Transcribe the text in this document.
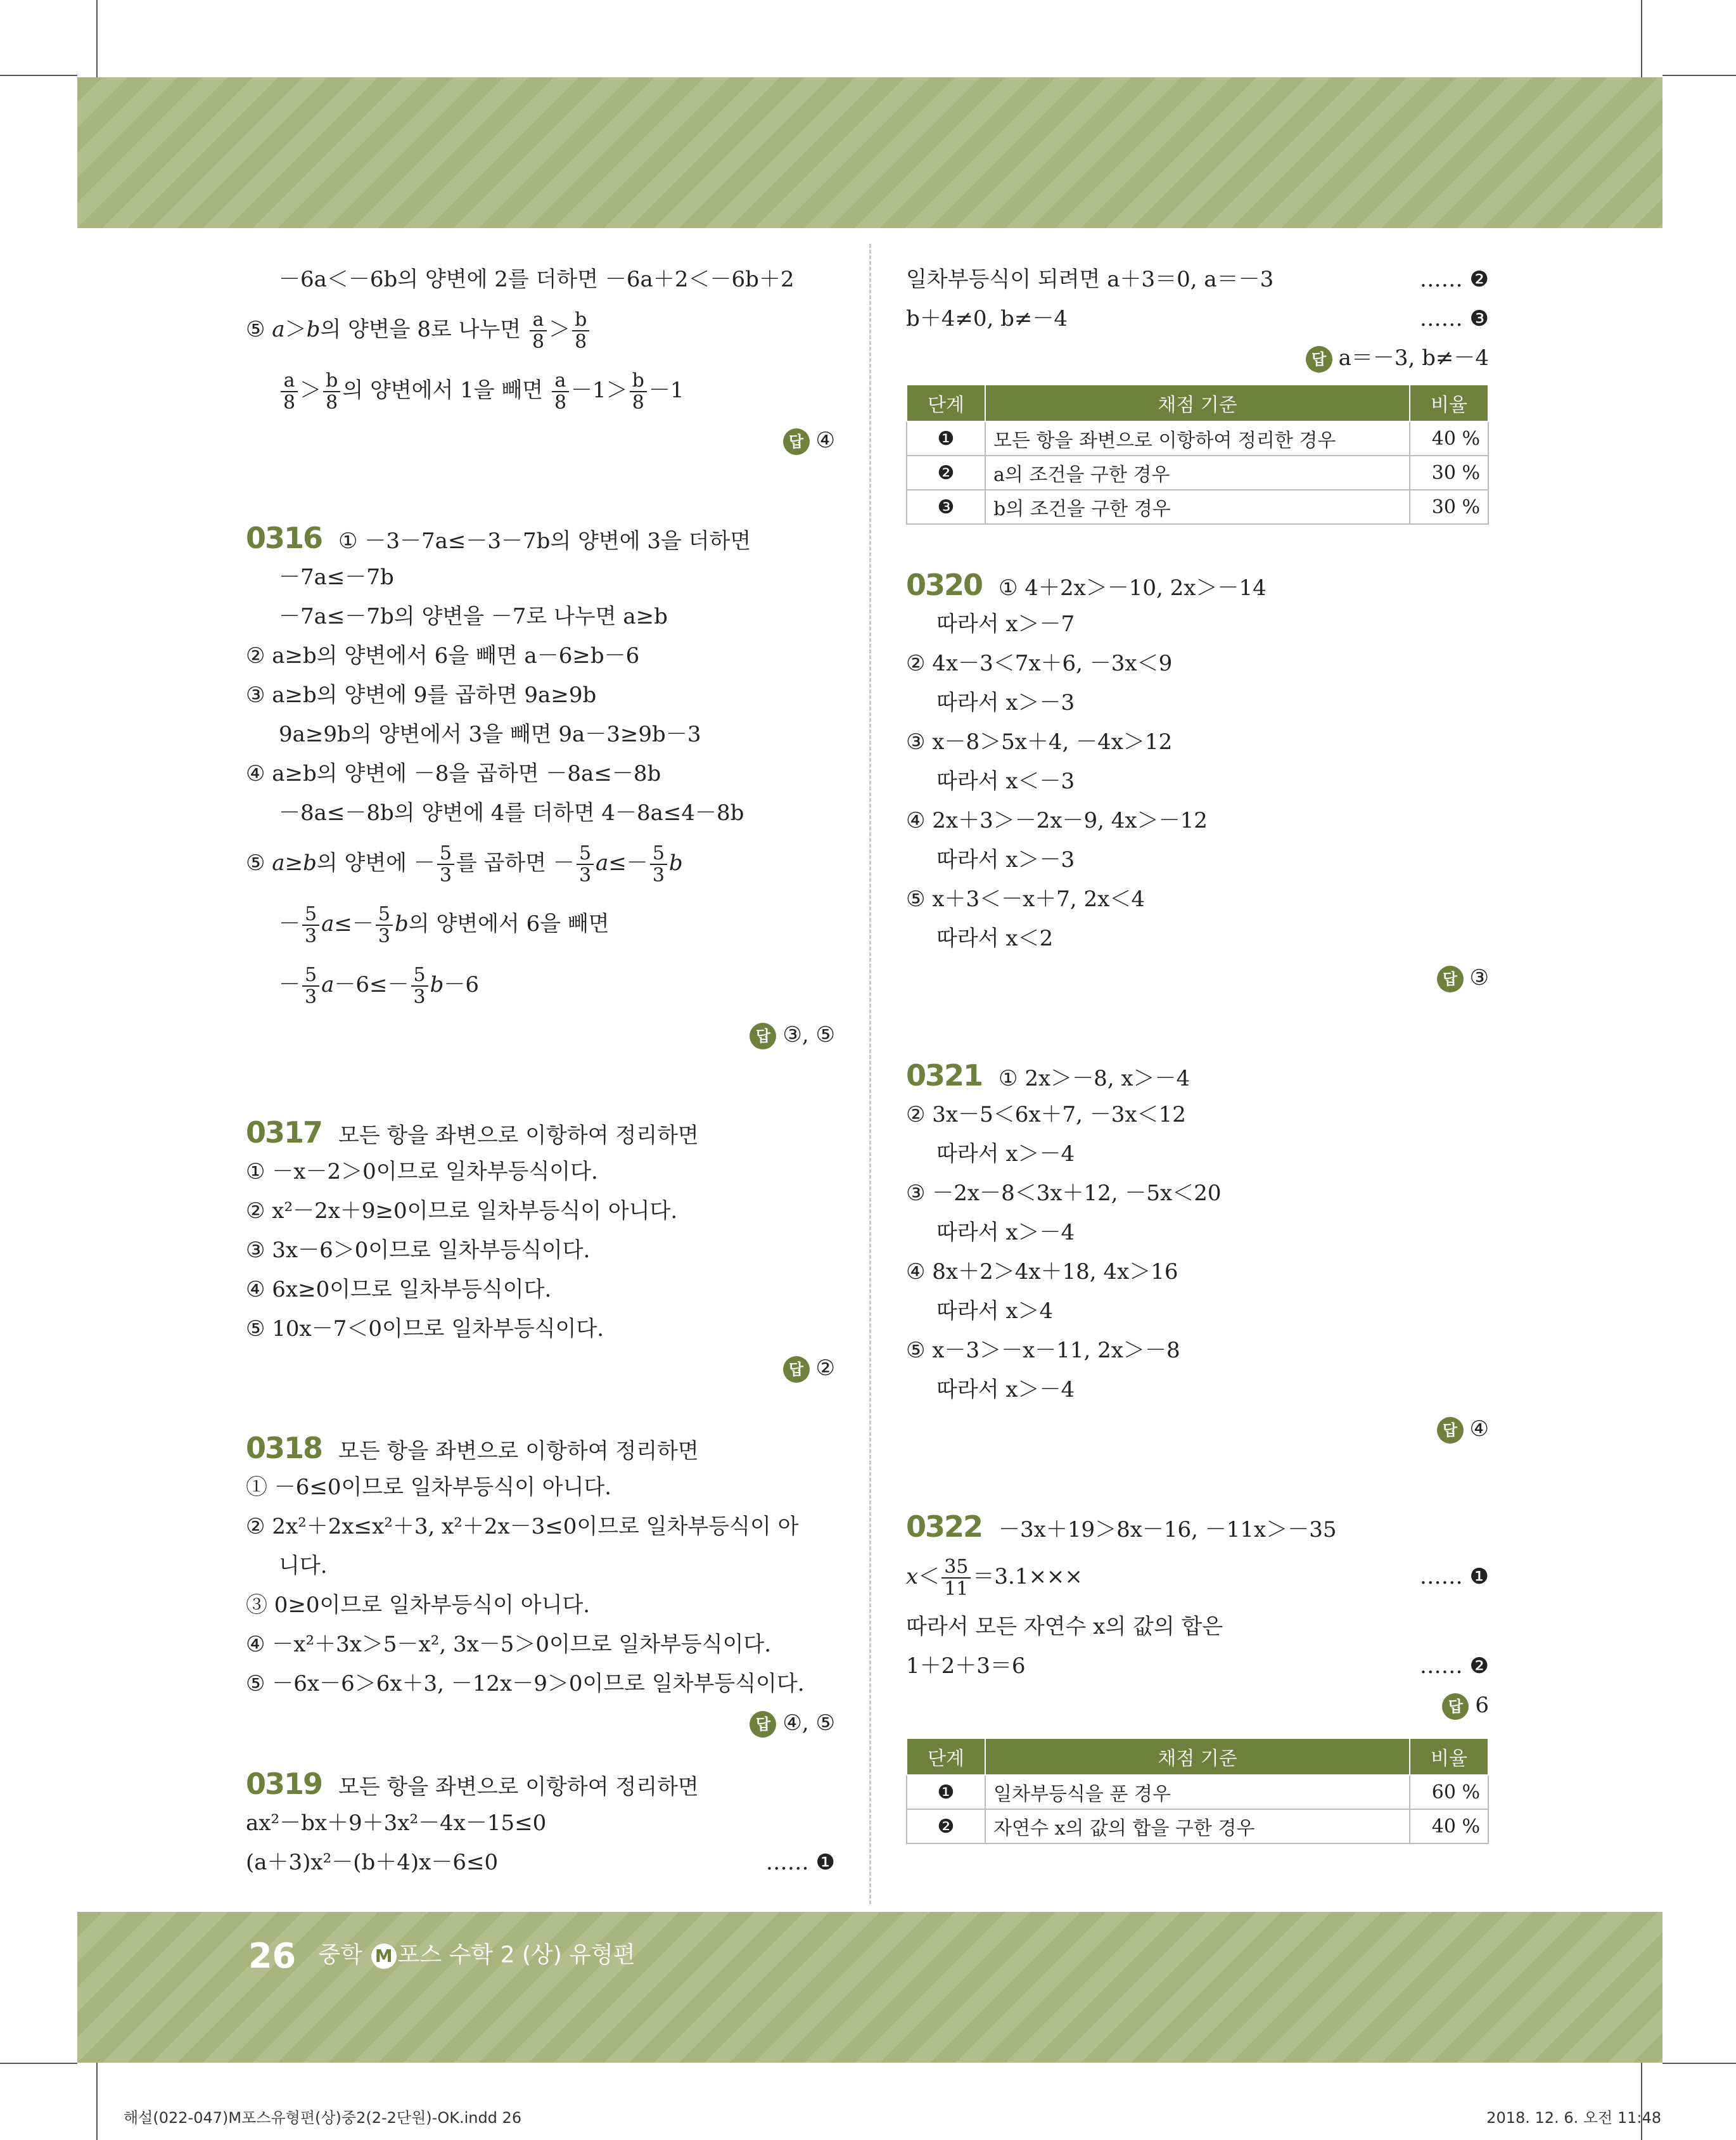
－6a＜－6b의 양변에 2를 더하면 －6a＋2＜－6b＋2
⑤ a＞b의 양변을 8로 나누면 $\frac{a}{8} > \frac{b}{8}$
$\frac{a}{8} > \frac{b}{8}$ 의 양변에서 1을 빼면 $\frac{a}{8} -1> \frac{b}{8} -1$
답 ④
0316 ① －3－7a≤－3－7b의 양변에 3을 더하면
－7a≤－7b
－7a≤－7b의 양변을 －7로 나누면 a≥b
② a≥b의 양변에서 6을 빼면 a－6≥b－6
③ a≥b의 양변에 9를 곱하면 9a≥9b
9a≥9b의 양변에서 3을 빼면 9a－3≥9b－3
④ a≥b의 양변에 －8을 곱하면 －8a≤－8b
－8a≤－8b의 양변에 4를 더하면 4－8a≤4－8b
⑤ a≥b의 양변에 － $\frac{5}{3}$ 를 곱하면 － $\frac{5}{3} a\le- \frac{5}{3}$ b
－ $\frac{5}{3} a\le- \frac{5}{3}$ b의 양변에서 6을 빼면
－ $\frac{5}{3} a-6\le- \frac{5}{3} b-6$
답 ③, ⑤
0317 모든 항을 좌변으로 이항하여 정리하면
① －x－2＞0이므로 일차부등식이다.
② x²－2x＋9≥0이므로 일차부등식이 아니다.
③ 3x－6＞0이므로 일차부등식이다.
④ 6x≥0이므로 일차부등식이다.
⑤ 10x－7＜0이므로 일차부등식이다.
답 ②
0318 모든 항을 좌변으로 이항하여 정리하면
① －6≤0이므로 일차부등식이 아니다.
② 2x²＋2x≤x²＋3, x²＋2x－3≤0이므로 일차부등식이 아
니다.
③ 0≥0이므로 일차부등식이 아니다.
④ －x²＋3x＞5－x², 3x－5＞0이므로 일차부등식이다.
⑤ －6x－6＞6x＋3, －12x－9＞0이므로 일차부등식이다.
답 ④, ⑤
0319 모든 항을 좌변으로 이항하여 정리하면
ax²－bx＋9＋3x²－4x－15≤0
(a＋3)x²－(b＋4)x－6≤0	…… ❶
일차부등식이 되려면 a＋3＝0, a＝－3	…… ❷
b＋4≠0, b≠－4	…… ❸
답 a＝－3, b≠－4
단계	채점 기준	비율
❶	모든 항을 좌변으로 이항하여 정리한 경우	40 %
❷	a의 조건을 구한 경우	30 %
❸	b의 조건을 구한 경우	30 %
0320 ① 4＋2x＞－10, 2x＞－14
따라서 x＞－7
② 4x－3＜7x＋6, －3x＜9
따라서 x＞－3
③ x－8＞5x＋4, －4x＞12
따라서 x＜－3
④ 2x＋3＞－2x－9, 4x＞－12
따라서 x＞－3
⑤ x＋3＜－x＋7, 2x＜4
따라서 x＜2
답 ③
0321 ① 2x＞－8, x＞－4
② 3x－5＜6x＋7, －3x＜12
따라서 x＞－4
③ －2x－8＜3x＋12, －5x＜20
따라서 x＞－4
④ 8x＋2＞4x＋18, 4x＞16
따라서 x＞4
⑤ x－3＞－x－11, 2x＞－8
따라서 x＞－4
답 ④
0322 －3x＋19＞8x－16, －11x＞－35
$x< \frac{35}{11} =3.1\times\times\times$	…… ❶
따라서 모든 자연수 x의 값의 합은
1＋2＋3＝6	…… ❷
답 6
단계	채점 기준	비율
❶	일차부등식을 푼 경우	60 %
❷	자연수 x의 값의 합을 구한 경우	40 %
26 중학 M 포스 수학 2 (상) 유형편
해설(022-047)M포스유형편(상)중2(2-2단원)-OK.indd 26	2018. 12. 6. 오전 11:48
